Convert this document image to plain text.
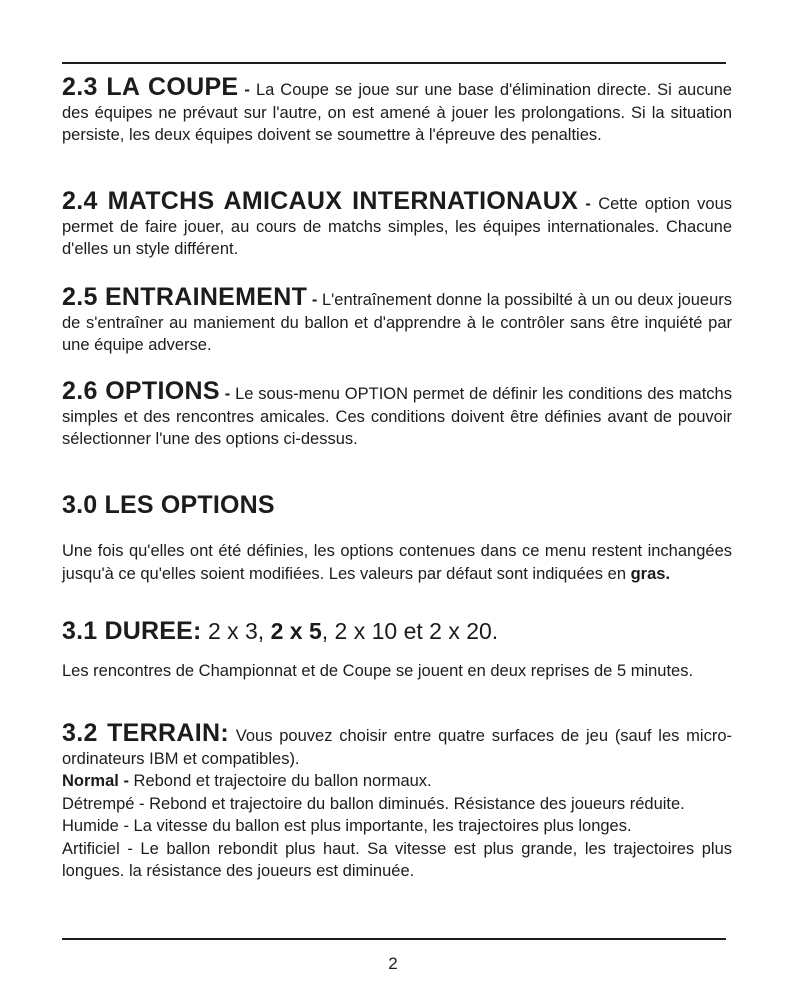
2.3 LA COUPE - La Coupe se joue sur une base d'élimination directe. Si aucune des équipes ne prévaut sur l'autre, on est amené à jouer les prolongations. Si la situation persiste, les deux équipes doivent se soumettre à l'épreuve des penalties.

2.4 MATCHS AMICAUX INTERNATIONAUX - Cette option vous permet de faire jouer, au cours de matchs simples, les équipes internationales. Chacune d'elles un style différent.

2.5 ENTRAINEMENT - L'entraînement donne la possibilté à un ou deux joueurs de s'entraîner au maniement du ballon et d'apprendre à le contrôler sans être inquiété par une équipe adverse.

2.6 OPTIONS - Le sous-menu OPTION permet de définir les conditions des matchs simples et des rencontres amicales. Ces conditions doivent être définies avant de pouvoir sélectionner l'une des options ci-dessus.

3.0 LES OPTIONS

Une fois qu'elles ont été définies, les options contenues dans ce menu restent inchangées jusqu'à ce qu'elles soient modifiées. Les valeurs par défaut sont indiquées en gras.

3.1 DUREE: 2 x 3, 2 x 5, 2 x 10 et 2 x 20.

Les rencontres de Championnat et de Coupe se jouent en deux reprises de 5 minutes.

3.2 TERRAIN: Vous pouvez choisir entre quatre surfaces de jeu (sauf les micro-ordinateurs IBM et compatibles).

Normal - Rebond et trajectoire du ballon normaux.

Détrempé - Rebond et trajectoire du ballon diminués. Résistance des joueurs réduite.

Humide - La vitesse du ballon est plus importante, les trajectoires plus longes.

Artificiel - Le ballon rebondit plus haut. Sa vitesse est plus grande, les trajectoires plus longues. la résistance des joueurs est diminuée.

2
